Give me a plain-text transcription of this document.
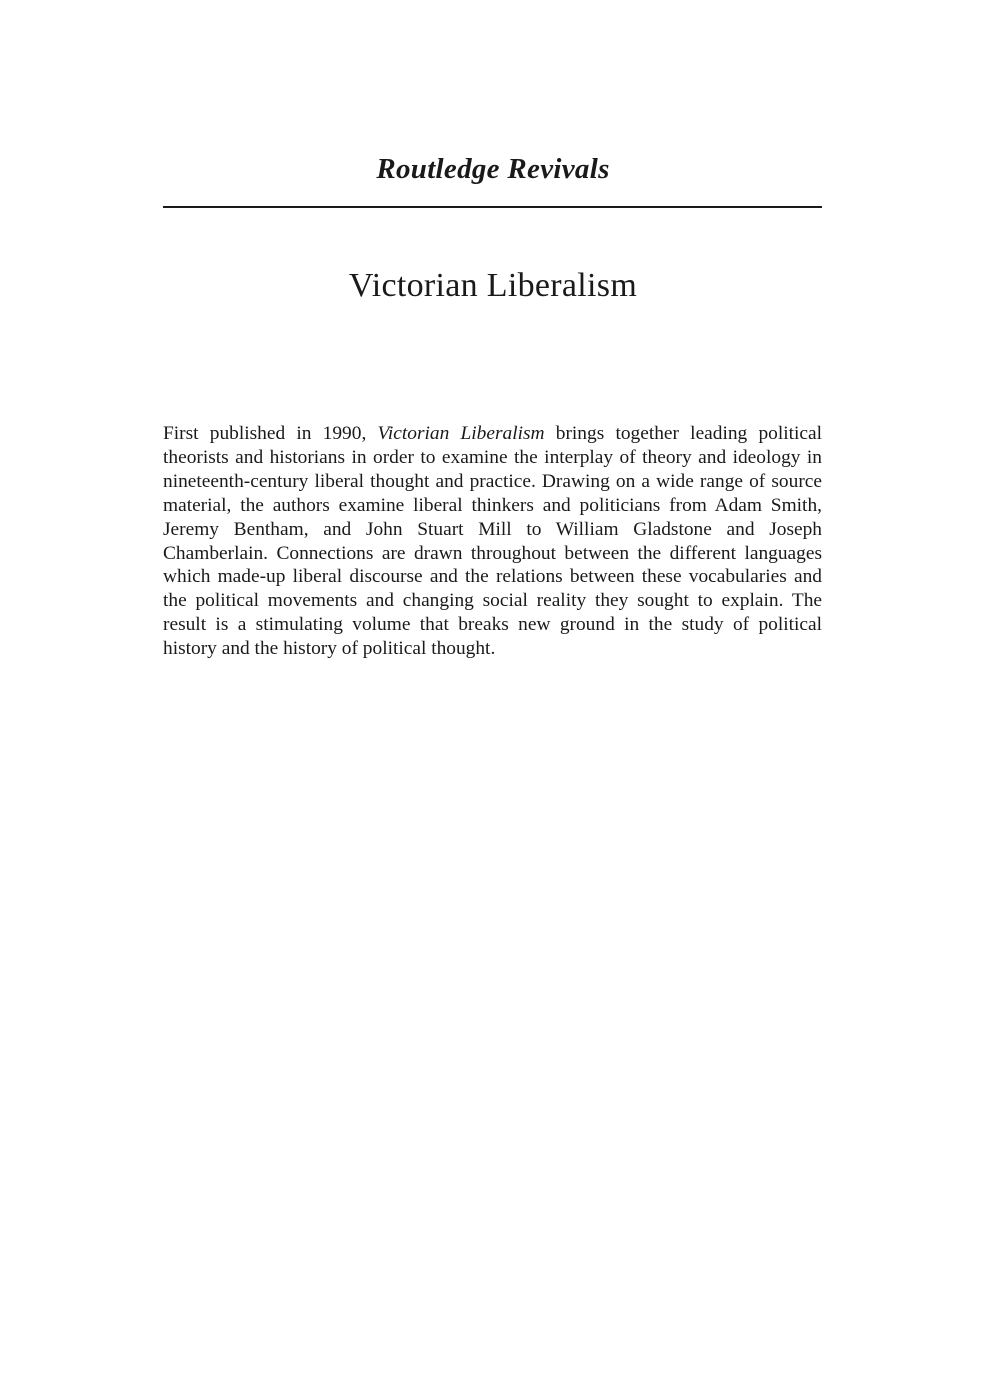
Routledge Revivals
Victorian Liberalism

First published in 1990, Victorian Liberalism brings together leading political theorists and historians in order to examine the interplay of theory and ideology in nineteenth-century liberal thought and practice. Drawing on a wide range of source material, the authors examine liberal thinkers and politicians from Adam Smith, Jeremy Bentham, and John Stuart Mill to William Gladstone and Joseph Chamberlain. Connections are drawn throughout between the different languages which made-up liberal discourse and the relations between these vocabularies and the political movements and changing social reality they sought to explain. The result is a stimulating volume that breaks new ground in the study of political history and the history of political thought.
